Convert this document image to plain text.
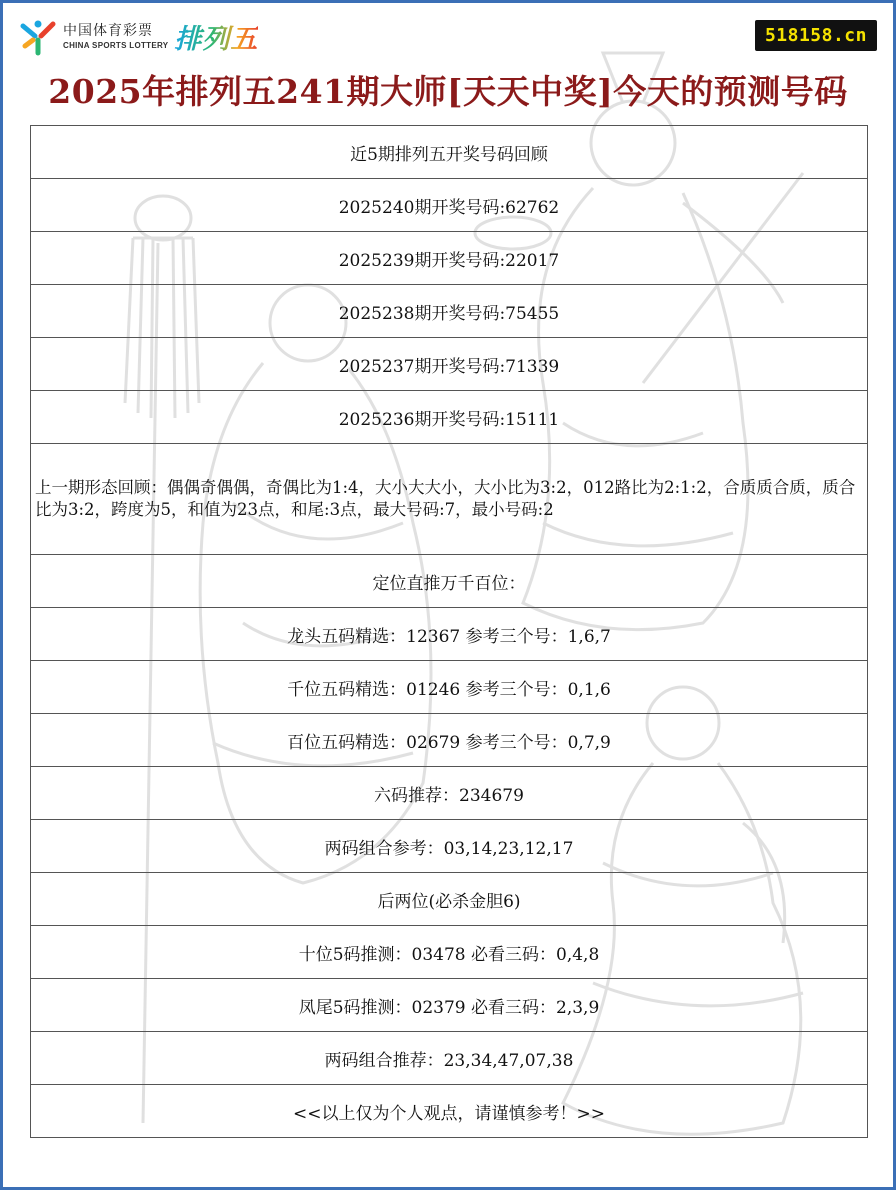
中国体育彩票
CHINA SPORTS LOTTERY 排列五	518158.cn
2025年排列五241期大师[天天中奖]今天的预测号码
近5期排列五开奖号码回顾
2025240期开奖号码:62762
2025239期开奖号码:22017
2025238期开奖号码:75455
2025237期开奖号码:71339
2025236期开奖号码:15111
上一期形态回顾：偶偶奇偶偶，奇偶比为1:4，大小大大小，大小比为3:2，012路比为2:1:2，合质质合质，质合比为3:2，跨度为5，和值为23点，和尾:3点，最大号码:7，最小号码:2
定位直推万千百位：
龙头五码精选：12367 参考三个号：1,6,7
千位五码精选：01246 参考三个号：0,1,6
百位五码精选：02679 参考三个号：0,7,9
六码推荐：234679
两码组合参考：03,14,23,12,17
后两位(必杀金胆6)
十位5码推测：03478 必看三码：0,4,8
凤尾5码推测：02379 必看三码：2,3,9
两码组合推荐：23,34,47,07,38
<<以上仅为个人观点，请谨慎参考！>>
